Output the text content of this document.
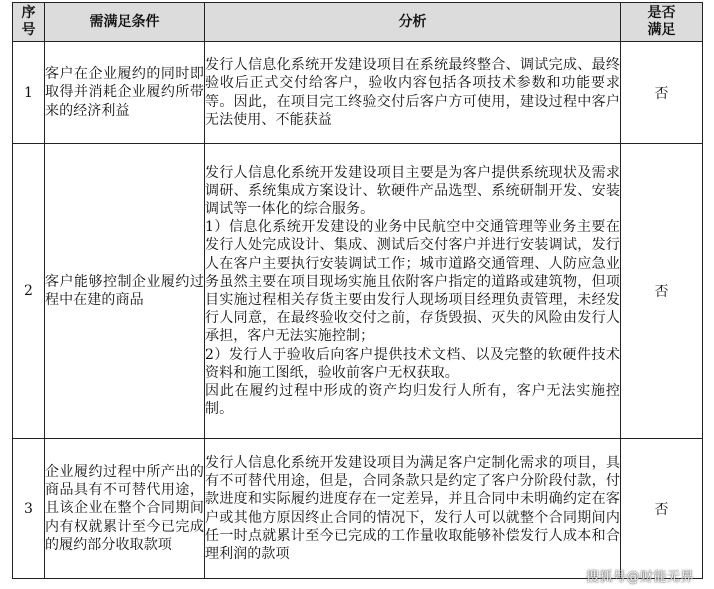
序号	需满足条件	分析	是否满足
1	客户在企业履约的同时即取得并消耗企业履约所带来的经济利益	发行人信息化系统开发建设项目在系统最终整合、调试完成、最终验收后正式交付给客户，验收内容包括各项技术参数和功能要求等。因此，在项目完工终验交付后客户方可使用，建设过程中客户无法使用、不能获益	否
2	客户能够控制企业履约过程中在建的商品	发行人信息化系统开发建设项目主要是为客户提供系统现状及需求调研、系统集成方案设计、软硬件产品选型、系统研制开发、安装调试等一体化的综合服务。
1）信息化系统开发建设的业务中民航空中交通管理等业务主要在发行人处完成设计、集成、测试后交付客户并进行安装调试，发行人在客户主要执行安装调试工作；城市道路交通管理、人防应急业务虽然主要在项目现场实施且依附客户指定的道路或建筑物，但项目实施过程相关存货主要由发行人现场项目经理负责管理，未经发行人同意，在最终验收交付之前，存货毁损、灭失的风险由发行人承担，客户无法实施控制；
2）发行人于验收后向客户提供技术文档、以及完整的软硬件技术资料和施工图纸，验收前客户无权获取。
因此在履约过程中形成的资产均归发行人所有，客户无法实施控制。	否
3	企业履约过程中所产出的商品具有不可替代用途，且该企业在整个合同期间内有权就累计至今已完成的履约部分收取款项	发行人信息化系统开发建设项目为满足客户定制化需求的项目，具有不可替代用途，但是，合同条款只是约定了客户分阶段付款，付款进度和实际履约进度存在一定差异，并且合同中未明确约定在客户或其他方原因终止合同的情况下，发行人可以就整个合同期间内任一时点就累计至今已完成的工作量收取能够补偿发行人成本和合理利润的款项	否
搜狐号@财能无界
